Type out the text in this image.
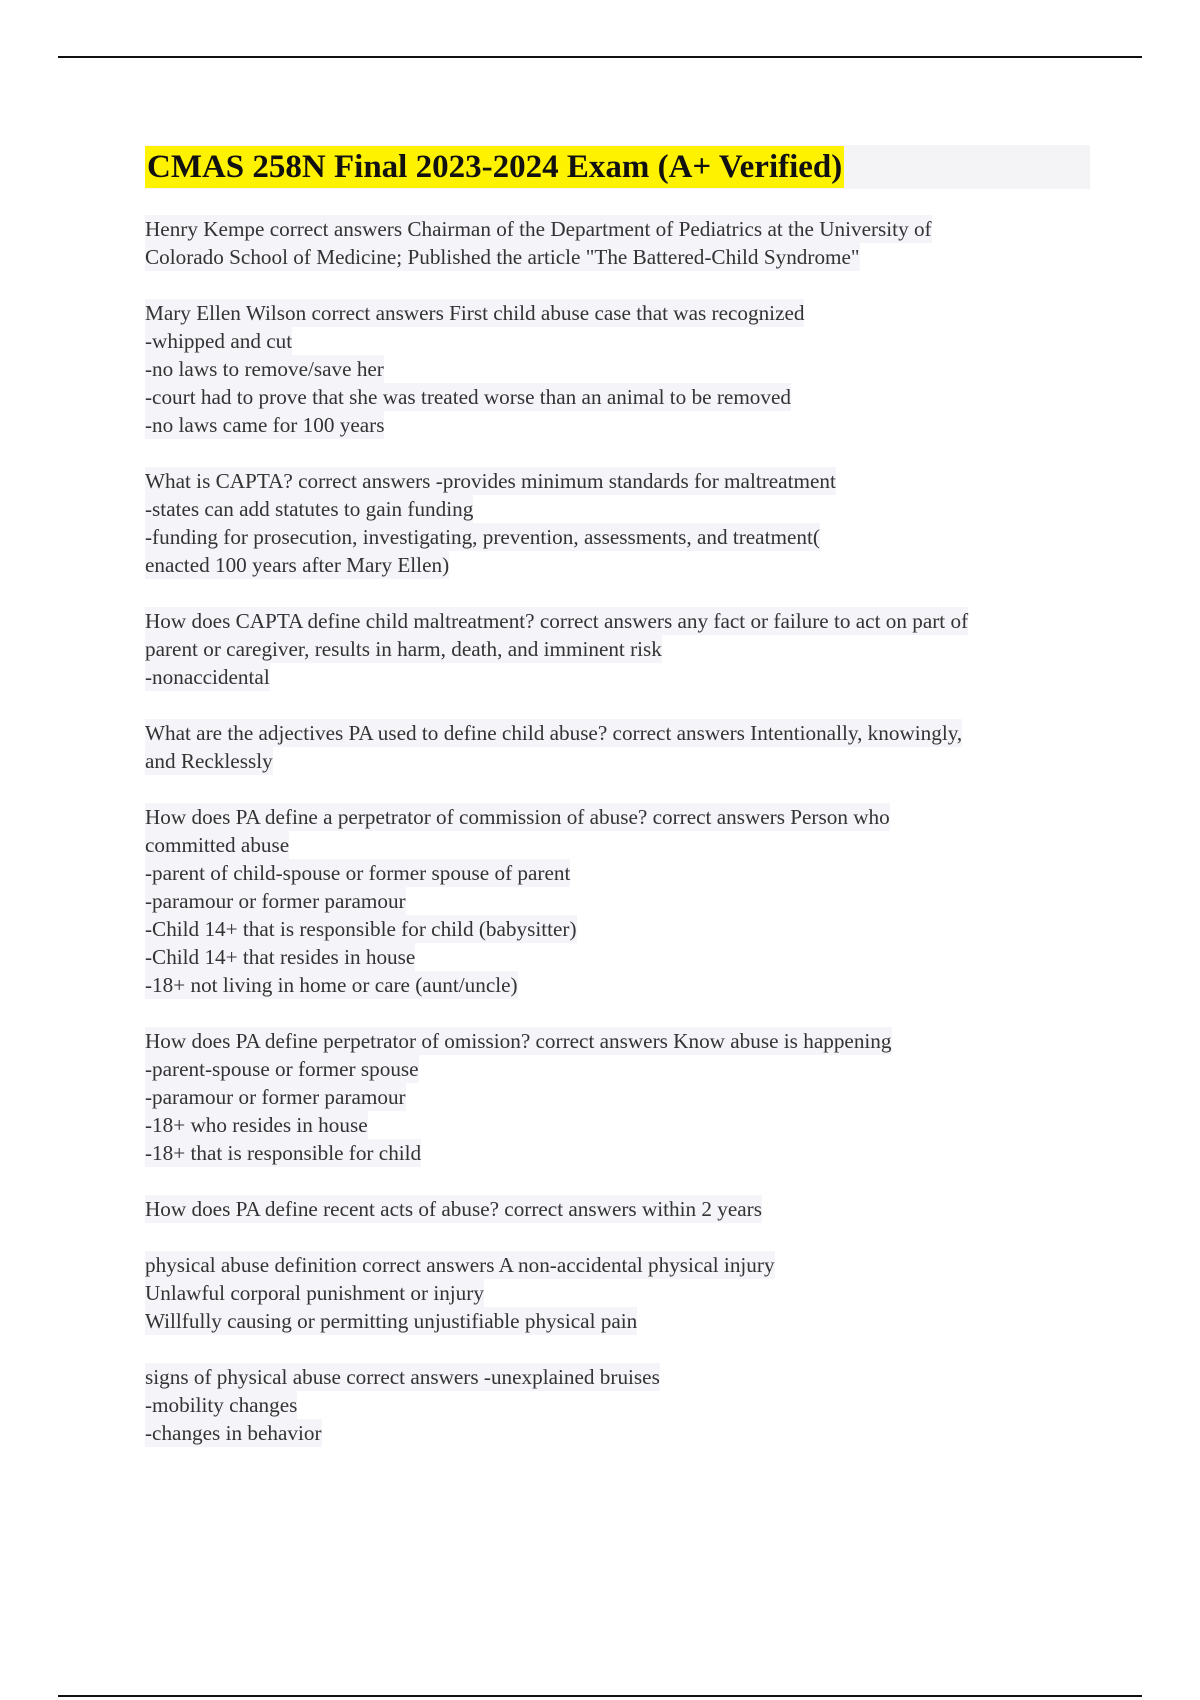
CMAS 258N Final 2023-2024 Exam (A+ Verified)
Henry Kempe correct answers Chairman of the Department of Pediatrics at the University of
Colorado School of Medicine; Published the article "The Battered-Child Syndrome"
Mary Ellen Wilson correct answers First child abuse case that was recognized
-whipped and cut
-no laws to remove/save her
-court had to prove that she was treated worse than an animal to be removed
-no laws came for 100 years
What is CAPTA? correct answers -provides minimum standards for maltreatment
-states can add statutes to gain funding
-funding for prosecution, investigating, prevention, assessments, and treatment(
enacted 100 years after Mary Ellen)
How does CAPTA define child maltreatment? correct answers any fact or failure to act on part of
parent or caregiver, results in harm, death, and imminent risk
-nonaccidental
What are the adjectives PA used to define child abuse? correct answers Intentionally, knowingly,
and Recklessly
How does PA define a perpetrator of commission of abuse? correct answers Person who
committed abuse
-parent of child-spouse or former spouse of parent
-paramour or former paramour
-Child 14+ that is responsible for child (babysitter)
-Child 14+ that resides in house
-18+ not living in home or care (aunt/uncle)
How does PA define perpetrator of omission? correct answers Know abuse is happening
-parent-spouse or former spouse
-paramour or former paramour
-18+ who resides in house
-18+ that is responsible for child
How does PA define recent acts of abuse? correct answers within 2 years
physical abuse definition correct answers A non-accidental physical injury
Unlawful corporal punishment or injury
Willfully causing or permitting unjustifiable physical pain
signs of physical abuse correct answers -unexplained bruises
-mobility changes
-changes in behavior
